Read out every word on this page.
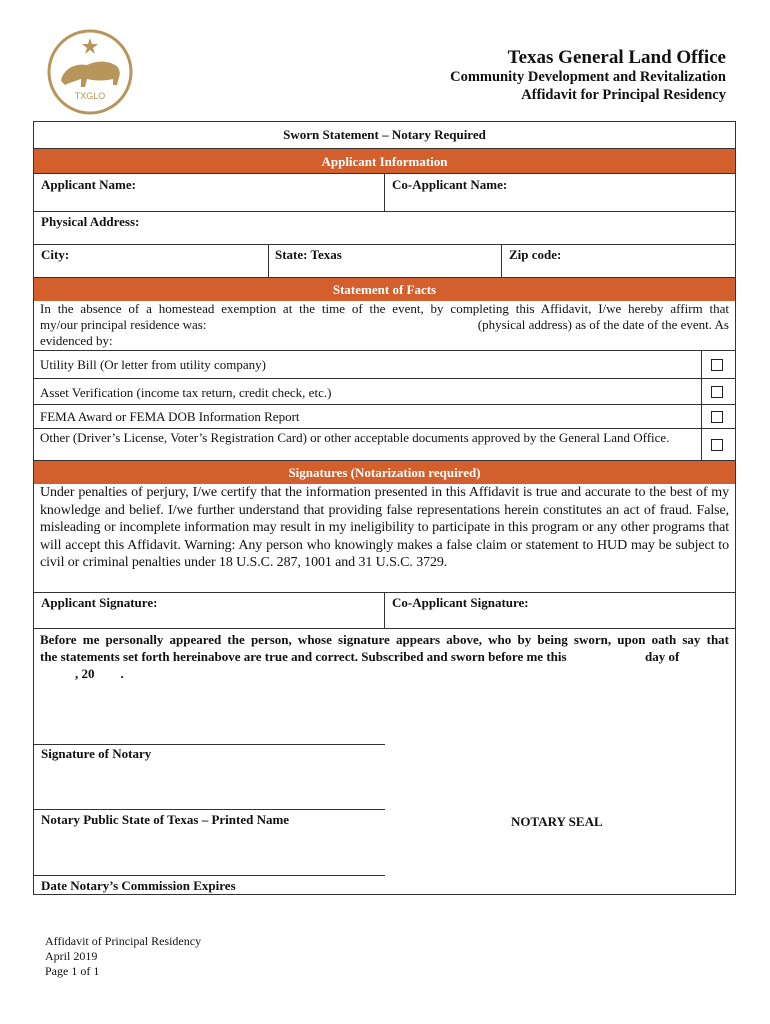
TXGLO
Texas General Land Office
Community Development and Revitalization
Affidavit for Principal Residency
Sworn Statement – Notary Required
Applicant Information
Applicant Name:	Co-Applicant Name:
Physical Address:
City:	State: Texas	Zip code:
Statement of Facts
In the absence of a homestead exemption at the time of the event, by completing this Affidavit, I/we hereby affirm that
my/our principal residence was:	(physical address) as of the date of the event. As
evidenced by:
Utility Bill (Or letter from utility company)
Asset Verification (income tax return, credit check, etc.)
FEMA Award or FEMA DOB Information Report
Other (Driver’s License, Voter’s Registration Card) or other acceptable documents approved by the General Land Office.
Signatures (Notarization required)
Under penalties of perjury, I/we certify that the information presented in this Affidavit is true and accurate to the best of my knowledge and belief. I/we further understand that providing false representations herein constitutes an act of fraud. False, misleading or incomplete information may result in my ineligibility to participate in this program or any other programs that will accept this Affidavit. Warning: Any person who knowingly makes a false claim or statement to HUD may be subject to civil or criminal penalties under 18 U.S.C. 287, 1001 and 31 U.S.C. 3729.
Applicant Signature:	Co-Applicant Signature:
Before me personally appeared the person, whose signature appears above, who by being sworn, upon oath say that
the statements set forth hereinabove are true and correct. Subscribed and sworn before me this	day of
, 20        .
Signature of Notary
Notary Public State of Texas – Printed Name	NOTARY SEAL
Date Notary’s Commission Expires
Affidavit of Principal Residency
April 2019
Page 1 of 1
